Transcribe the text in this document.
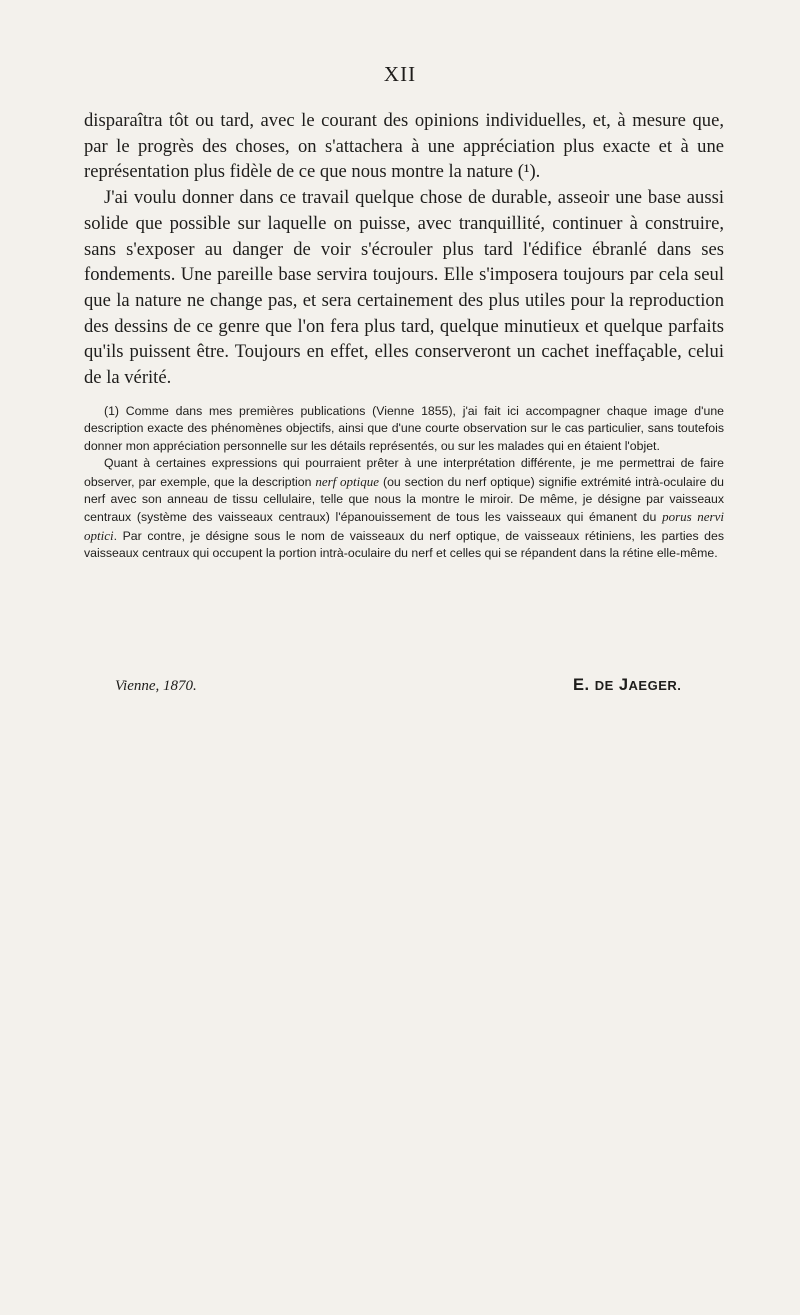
XII

disparaîtra tôt ou tard, avec le courant des opinions individuelles, et, à mesure que, par le progrès des choses, on s'attachera à une appréciation plus exacte et à une représentation plus fidèle de ce que nous montre la nature (¹).

J'ai voulu donner dans ce travail quelque chose de durable, asseoir une base aussi solide que possible sur laquelle on puisse, avec tranquillité, continuer à construire, sans s'exposer au danger de voir s'écrouler plus tard l'édifice ébranlé dans ses fondements. Une pareille base servira toujours. Elle s'imposera toujours par cela seul que la nature ne change pas, et sera certainement des plus utiles pour la reproduction des dessins de ce genre que l'on fera plus tard, quelque minutieux et quelque parfaits qu'ils puissent être. Toujours en effet, elles conserveront un cachet ineffaçable, celui de la vérité.

(1) Comme dans mes premières publications (Vienne 1855), j'ai fait ici accompagner chaque image d'une description exacte des phénomènes objectifs, ainsi que d'une courte observation sur le cas particulier, sans toutefois donner mon appréciation personnelle sur les détails représentés, ou sur les malades qui en étaient l'objet.

Quant à certaines expressions qui pourraient prêter à une interprétation différente, je me permettrai de faire observer, par exemple, que la description nerf optique (ou section du nerf optique) signifie extrémité intrà-oculaire du nerf avec son anneau de tissu cellulaire, telle que nous la montre le miroir. De même, je désigne par vaisseaux centraux (système des vaisseaux centraux) l'épanouissement de tous les vaisseaux qui émanent du porus nervi optici. Par contre, je désigne sous le nom de vaisseaux du nerf optique, de vaisseaux rétiniens, les parties des vaisseaux centraux qui occupent la portion intrà-oculaire du nerf et celles qui se répandent dans la rétine elle-même.

Vienne, 1870.	E. DE JAEGER.
